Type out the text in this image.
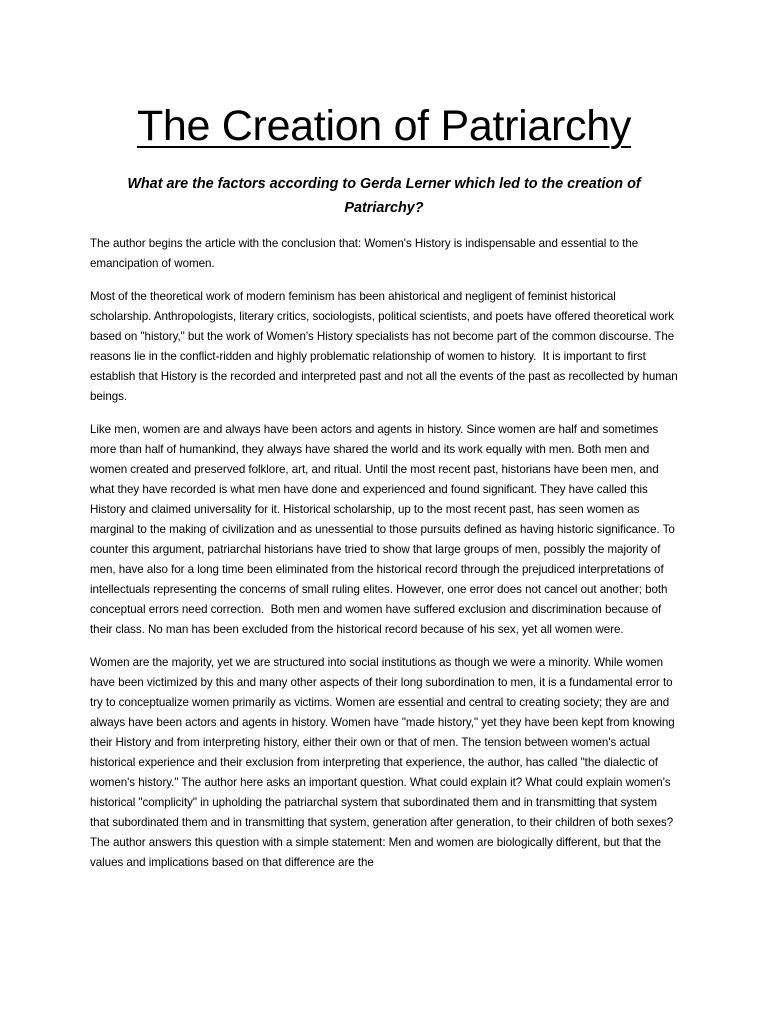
The Creation of Patriarchy
What are the factors according to Gerda Lerner which led to the creation of Patriarchy?

The author begins the article with the conclusion that: Women's History is indispensable and essential to the emancipation of women.

Most of the theoretical work of modern feminism has been ahistorical and negligent of feminist historical scholarship. Anthropologists, literary critics, sociologists, political scientists, and poets have offered theoretical work based on "history," but the work of Women's History specialists has not become part of the common discourse. The reasons lie in the conflict-ridden and highly problematic relationship of women to history.  It is important to first establish that History is the recorded and interpreted past and not all the events of the past as recollected by human beings.

Like men, women are and always have been actors and agents in history. Since women are half and sometimes more than half of humankind, they always have shared the world and its work equally with men. Both men and women created and preserved folklore, art, and ritual. Until the most recent past, historians have been men, and what they have recorded is what men have done and experienced and found significant. They have called this History and claimed universality for it. Historical scholarship, up to the most recent past, has seen women as marginal to the making of civilization and as unessential to those pursuits defined as having historic significance. To counter this argument, patriarchal historians have tried to show that large groups of men, possibly the majority of men, have also for a long time been eliminated from the historical record through the prejudiced interpretations of intellectuals representing the concerns of small ruling elites. However, one error does not cancel out another; both conceptual errors need correction.  Both men and women have suffered exclusion and discrimination because of their class. No man has been excluded from the historical record because of his sex, yet all women were.

Women are the majority, yet we are structured into social institutions as though we were a minority. While women have been victimized by this and many other aspects of their long subordination to men, it is a fundamental error to try to conceptualize women primarily as victims. Women are essential and central to creating society; they are and always have been actors and agents in history. Women have "made history," yet they have been kept from knowing their History and from interpreting history, either their own or that of men. The tension between women's actual historical experience and their exclusion from interpreting that experience, the author, has called "the dialectic of women's history." The author here asks an important question. What could explain it? What could explain women's historical "complicity" in upholding the patriarchal system that subordinated them and in transmitting that system that subordinated them and in transmitting that system, generation after generation, to their children of both sexes? The author answers this question with a simple statement: Men and women are biologically different, but that the values and implications based on that difference are the
